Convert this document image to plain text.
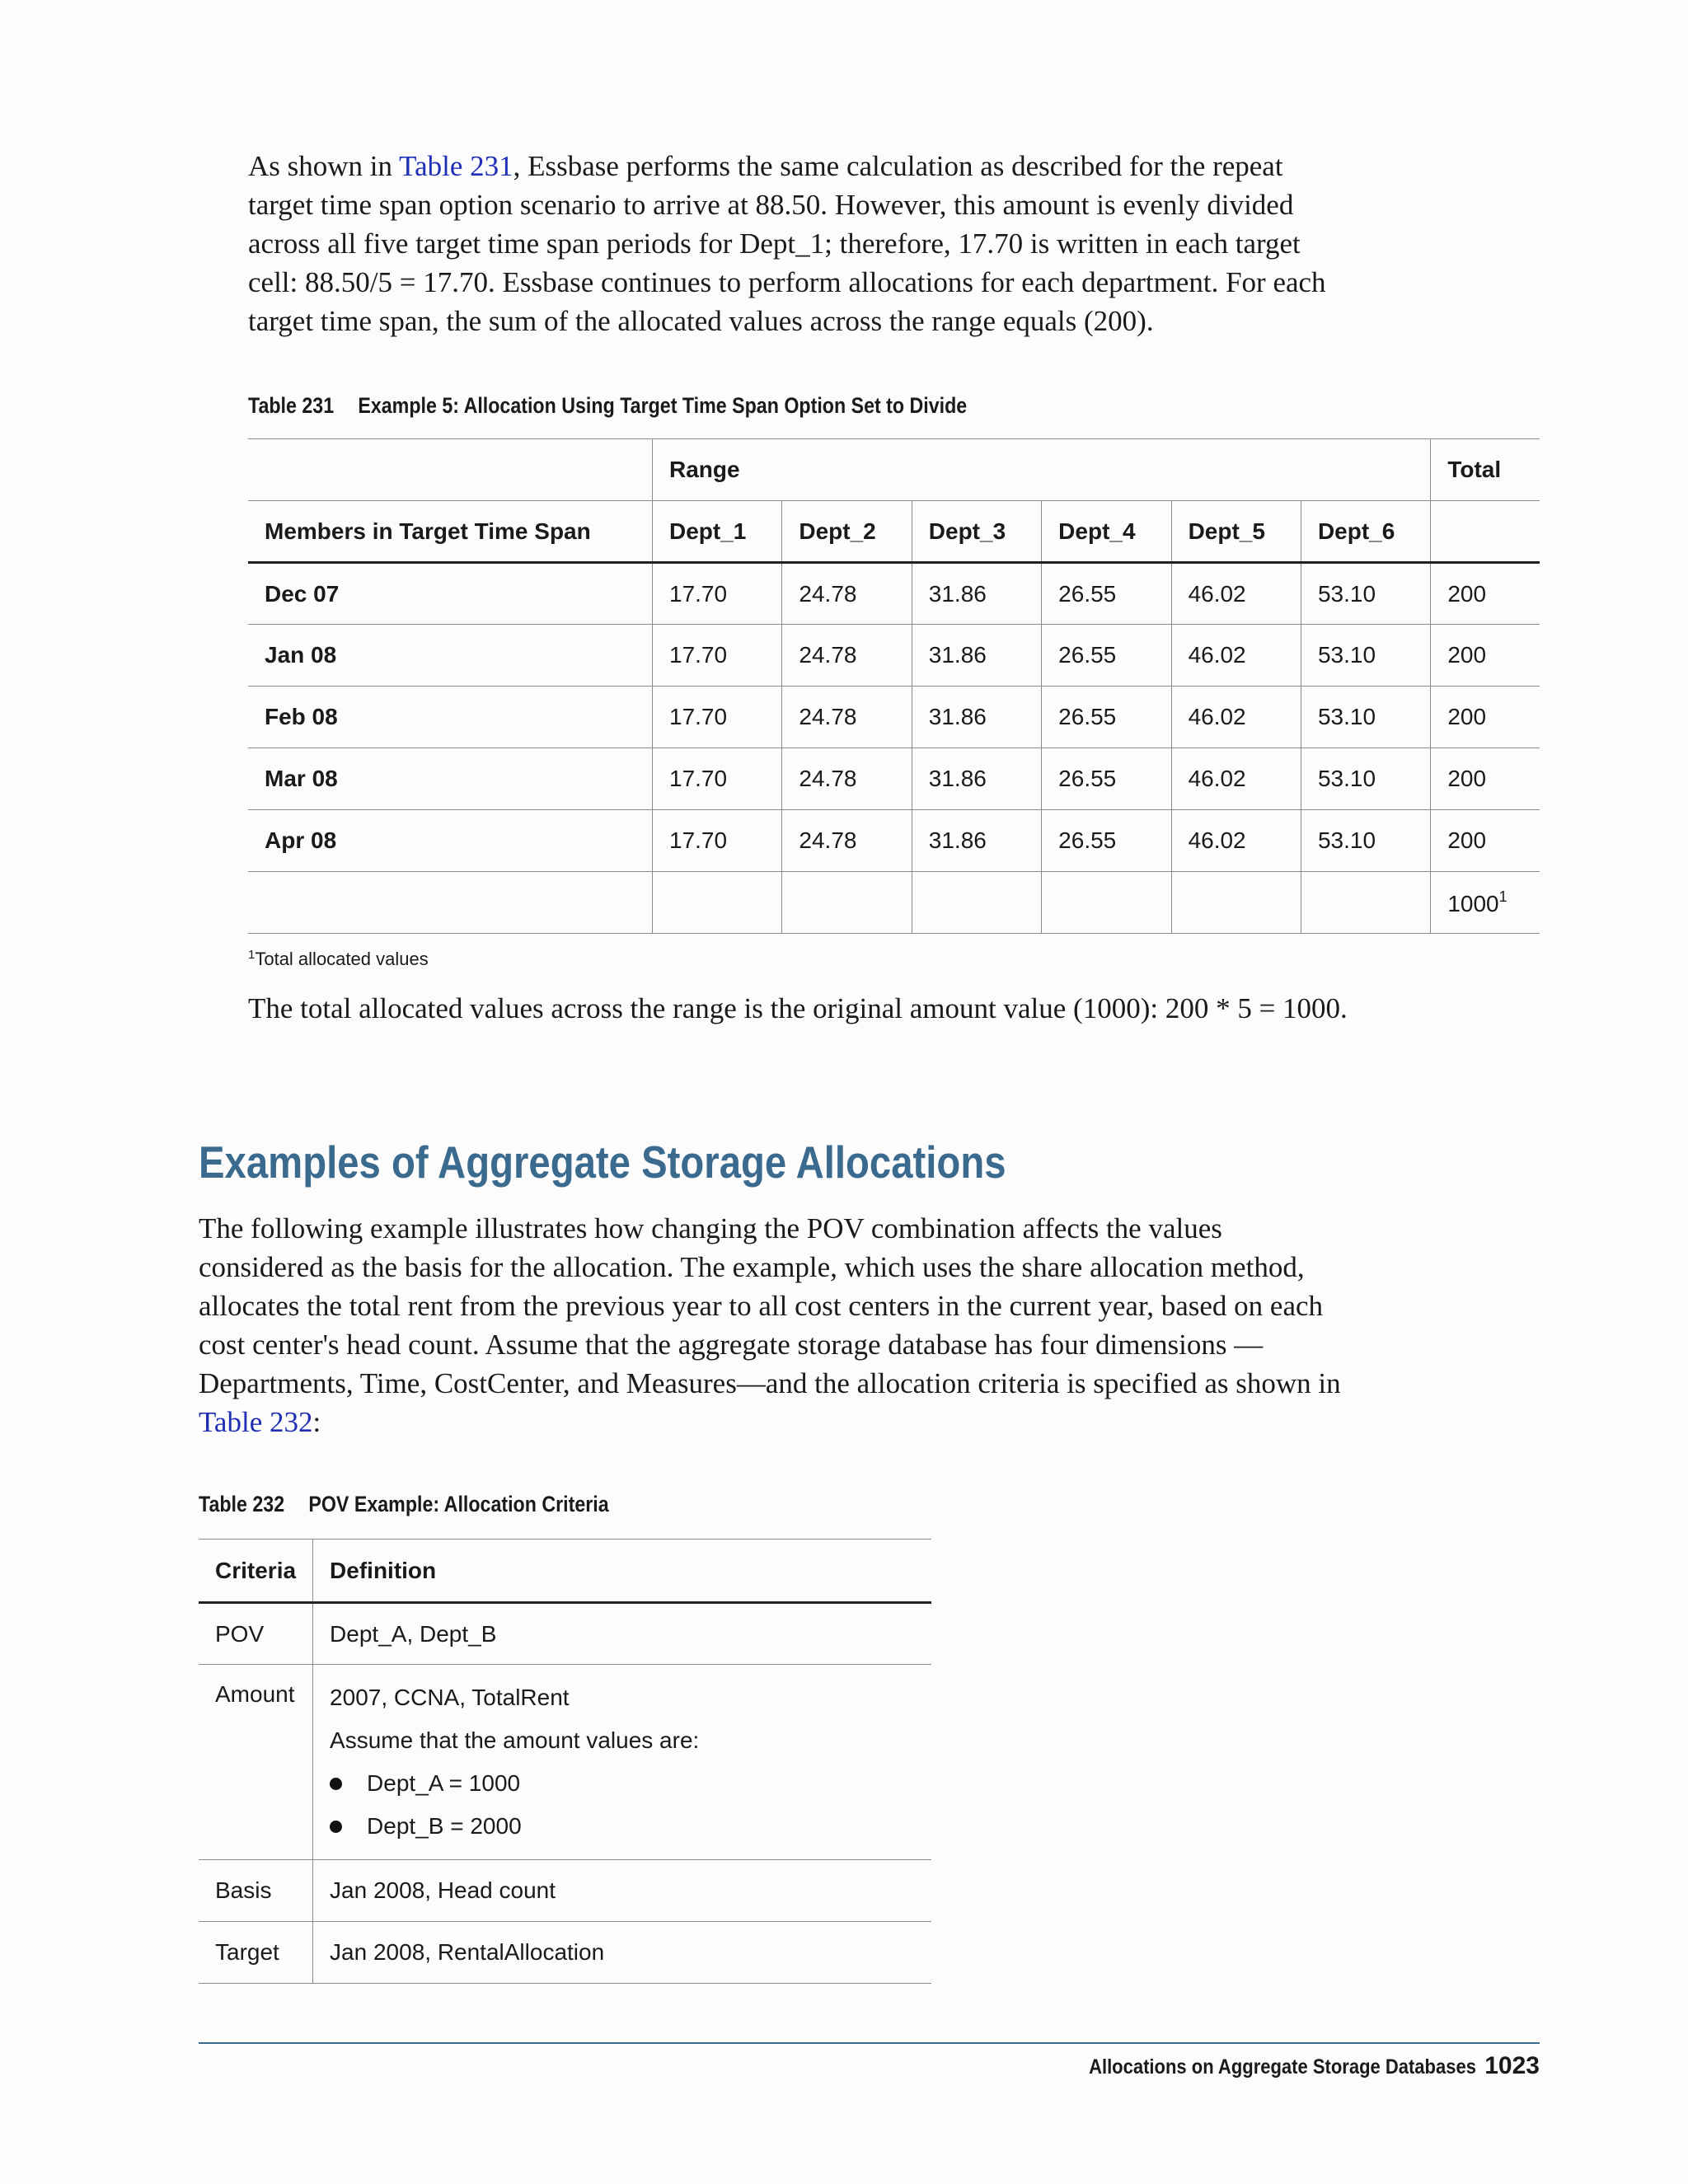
As shown in Table 231, Essbase performs the same calculation as described for the repeat target time span option scenario to arrive at 88.50. However, this amount is evenly divided across all five target time span periods for Dept_1; therefore, 17.70 is written in each target cell: 88.50/5 = 17.70. Essbase continues to perform allocations for each department. For each target time span, the sum of the allocated values across the range equals (200).

Table 231 Example 5: Allocation Using Target Time Span Option Set to Divide
	Range						Total
Members in Target Time Span	Dept_1	Dept_2	Dept_3	Dept_4	Dept_5	Dept_6	
Dec 07	17.70	24.78	31.86	26.55	46.02	53.10	200
Jan 08	17.70	24.78	31.86	26.55	46.02	53.10	200
Feb 08	17.70	24.78	31.86	26.55	46.02	53.10	200
Mar 08	17.70	24.78	31.86	26.55	46.02	53.10	200
Apr 08	17.70	24.78	31.86	26.55	46.02	53.10	200
							1000$^1$
$^1$Total allocated values

The total allocated values across the range is the original amount value (1000): 200 * 5 = 1000.

Examples of Aggregate Storage Allocations

The following example illustrates how changing the POV combination affects the values considered as the basis for the allocation. The example, which uses the share allocation method, allocates the total rent from the previous year to all cost centers in the current year, based on each cost center's head count. Assume that the aggregate storage database has four dimensions —Departments, Time, CostCenter, and Measures—and the allocation criteria is specified as shown in Table 232:

Table 232 POV Example: Allocation Criteria
Criteria	Definition
POV	Dept_A, Dept_B
Amount	2007, CCNA, TotalRent
Assume that the amount values are:
Dept_A = 1000
Dept_B = 2000

Basis	Jan 2008, Head count
Target	Jan 2008, RentalAllocation
Allocations on Aggregate Storage Databases 1023
